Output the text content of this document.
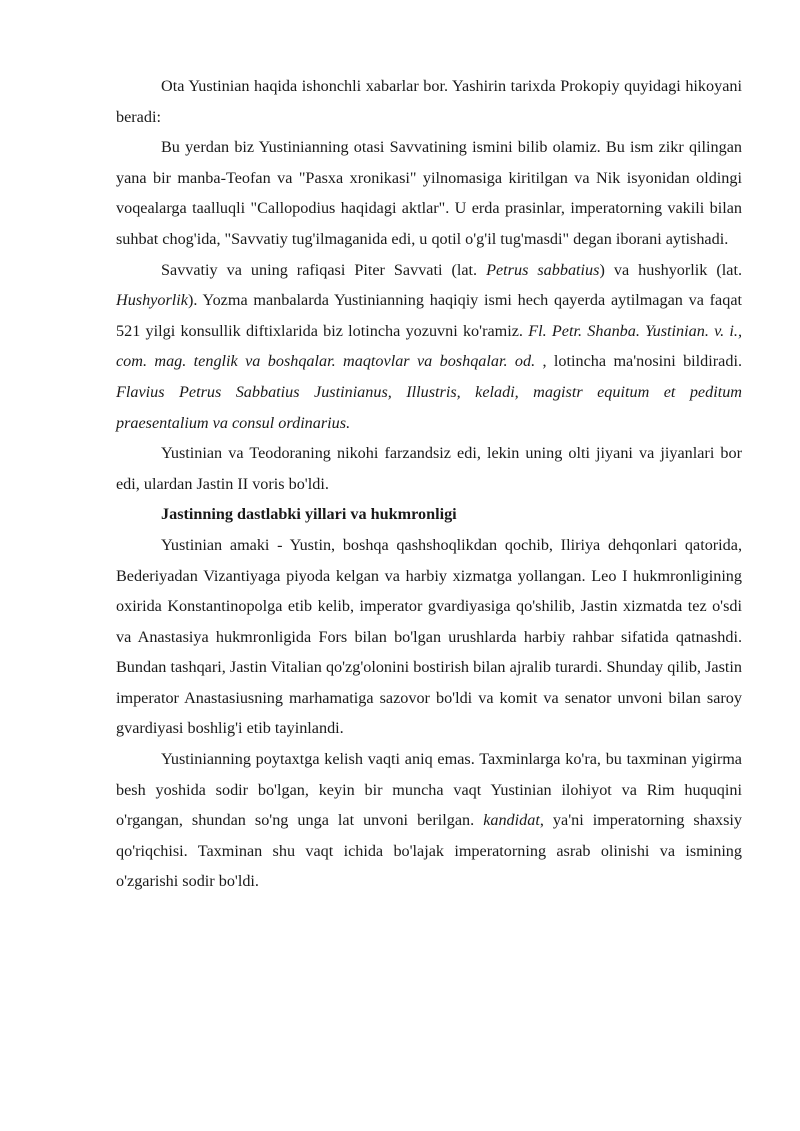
Ota Yustinian haqida ishonchli xabarlar bor. Yashirin tarixda Prokopiy quyidagi hikoyani beradi:

Bu yerdan biz Yustinianning otasi Savvatining ismini bilib olamiz. Bu ism zikr qilingan yana bir manba-Teofan va "Pasxa xronikasi" yilnomasiga kiritilgan va Nik isyonidan oldingi voqealarga taalluqli "Callopodius haqidagi aktlar". U erda prasinlar, imperatorning vakili bilan suhbat chog'ida, "Savvatiy tug'ilmaganida edi, u qotil o'g'il tug'masdi" degan iborani aytishadi.

Savvatiy va uning rafiqasi Piter Savvati (lat. Petrus sabbatius) va hushyorlik (lat. Hushyorlik). Yozma manbalarda Yustinianning haqiqiy ismi hech qayerda aytilmagan va faqat 521 yilgi konsullik diftixlarida biz lotincha yozuvni ko'ramiz. Fl. Petr. Shanba. Yustinian. v. i., com. mag. tenglik va boshqalar. maqtovlar va boshqalar. od. , lotincha ma'nosini bildiradi. Flavius Petrus Sabbatius Justinianus, Illustris, keladi, magistr equitum et peditum praesentalium va consul ordinarius.

Yustinian va Teodoraning nikohi farzandsiz edi, lekin uning olti jiyani va jiyanlari bor edi, ulardan Jastin II voris bo'ldi.

Jastinning dastlabki yillari va hukmronligi

Yustinian amaki - Yustin, boshqa qashshoqlikdan qochib, Iliriya dehqonlari qatorida, Bederiyadan Vizantiyaga piyoda kelgan va harbiy xizmatga yollangan. Leo I hukmronligining oxirida Konstantinopolga etib kelib, imperator gvardiyasiga qo'shilib, Jastin xizmatda tez o'sdi va Anastasiya hukmronligida Fors bilan bo'lgan urushlarda harbiy rahbar sifatida qatnashdi. Bundan tashqari, Jastin Vitalian qo'zg'olonini bostirish bilan ajralib turardi. Shunday qilib, Jastin imperator Anastasiusning marhamatiga sazovor bo'ldi va komit va senator unvoni bilan saroy gvardiyasi boshlig'i etib tayinlandi.

Yustinianning poytaxtga kelish vaqti aniq emas. Taxminlarga ko'ra, bu taxminan yigirma besh yoshida sodir bo'lgan, keyin bir muncha vaqt Yustinian ilohiyot va Rim huquqini o'rgangan, shundan so'ng unga lat unvoni berilgan. kandidat, ya'ni imperatorning shaxsiy qo'riqchisi. Taxminan shu vaqt ichida bo'lajak imperatorning asrab olinishi va ismining o'zgarishi sodir bo'ldi.
